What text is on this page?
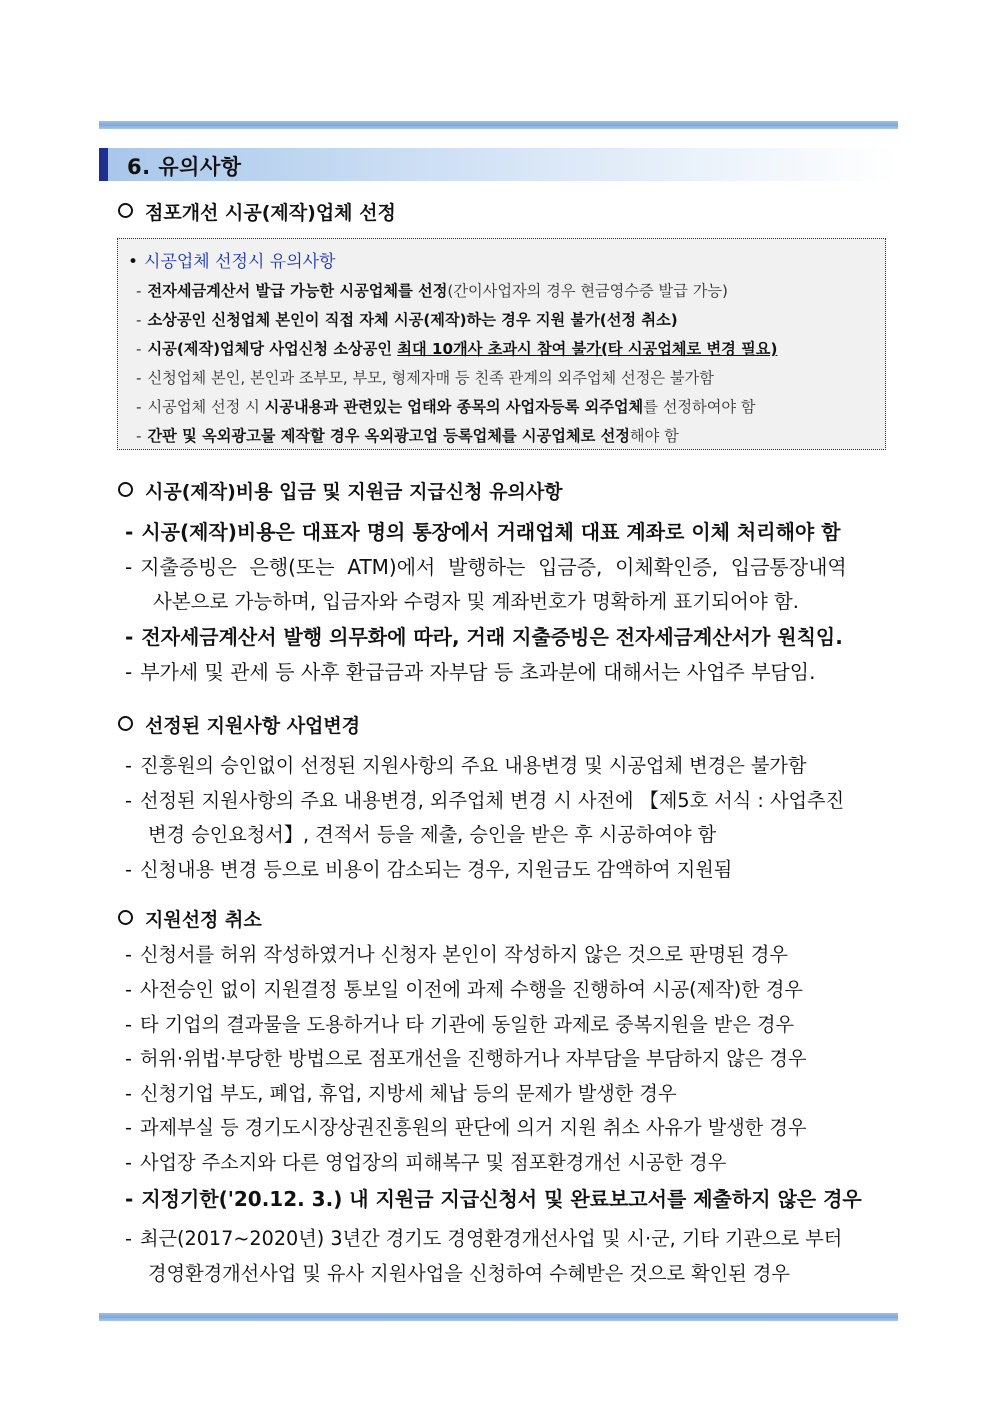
6. 유의사항
점포개선 시공(제작)업체 선정
• 시공업체 선정시 유의사항
- 전자세금계산서 발급 가능한 시공업체를 선정(간이사업자의 경우 현금영수증 발급 가능)
- 소상공인 신청업체 본인이 직접 자체 시공(제작)하는 경우 지원 불가(선정 취소)
- 시공(제작)업체당 사업신청 소상공인 최대 10개사 초과시 참여 불가(타 시공업체로 변경 필요)
- 신청업체 본인, 본인과 조부모, 부모, 형제자매 등 친족 관계의 외주업체 선정은 불가함
- 시공업체 선정 시 시공내용과 관련있는 업태와 종목의 사업자등록 외주업체를 선정하여야 함
- 간판 및 옥외광고물 제작할 경우 옥외광고업 등록업체를 시공업체로 선정해야 함
시공(제작)비용 입금 및 지원금 지급신청 유의사항
- 시공(제작)비용은 대표자 명의 통장에서 거래업체 대표 계좌로 이체 처리해야 함
- 지출증빙은  은행(또는  ATM)에서  발행하는  입금증,  이체확인증,  입금통장내역
사본으로 가능하며, 입금자와 수령자 및 계좌번호가 명확하게 표기되어야 함.
- 전자세금계산서 발행 의무화에 따라, 거래 지출증빙은 전자세금계산서가 원칙임.
- 부가세 및 관세 등 사후 환급금과 자부담 등 초과분에 대해서는 사업주 부담임.
선정된 지원사항 사업변경
- 진흥원의 승인없이 선정된 지원사항의 주요 내용변경 및 시공업체 변경은 불가함
- 선정된 지원사항의 주요 내용변경, 외주업체 변경 시 사전에 【제5호 서식 : 사업추진
변경 승인요청서】, 견적서 등을 제출, 승인을 받은 후 시공하여야 함
- 신청내용 변경 등으로 비용이 감소되는 경우, 지원금도 감액하여 지원됨
지원선정 취소
- 신청서를 허위 작성하였거나 신청자 본인이 작성하지 않은 것으로 판명된 경우
- 사전승인 없이 지원결정 통보일 이전에 과제 수행을 진행하여 시공(제작)한 경우
- 타 기업의 결과물을 도용하거나 타 기관에 동일한 과제로 중복지원을 받은 경우
- 허위·위법·부당한 방법으로 점포개선을 진행하거나 자부담을 부담하지 않은 경우
- 신청기업 부도, 폐업, 휴업, 지방세 체납 등의 문제가 발생한 경우
- 과제부실 등 경기도시장상권진흥원의 판단에 의거 지원 취소 사유가 발생한 경우
- 사업장 주소지와 다른 영업장의 피해복구 및 점포환경개선 시공한 경우
- 지정기한('20.12. 3.) 내 지원금 지급신청서 및 완료보고서를 제출하지 않은 경우
- 최근(2017~2020년) 3년간 경기도 경영환경개선사업 및 시·군, 기타 기관으로 부터
경영환경개선사업 및 유사 지원사업을 신청하여 수혜받은 것으로 확인된 경우
